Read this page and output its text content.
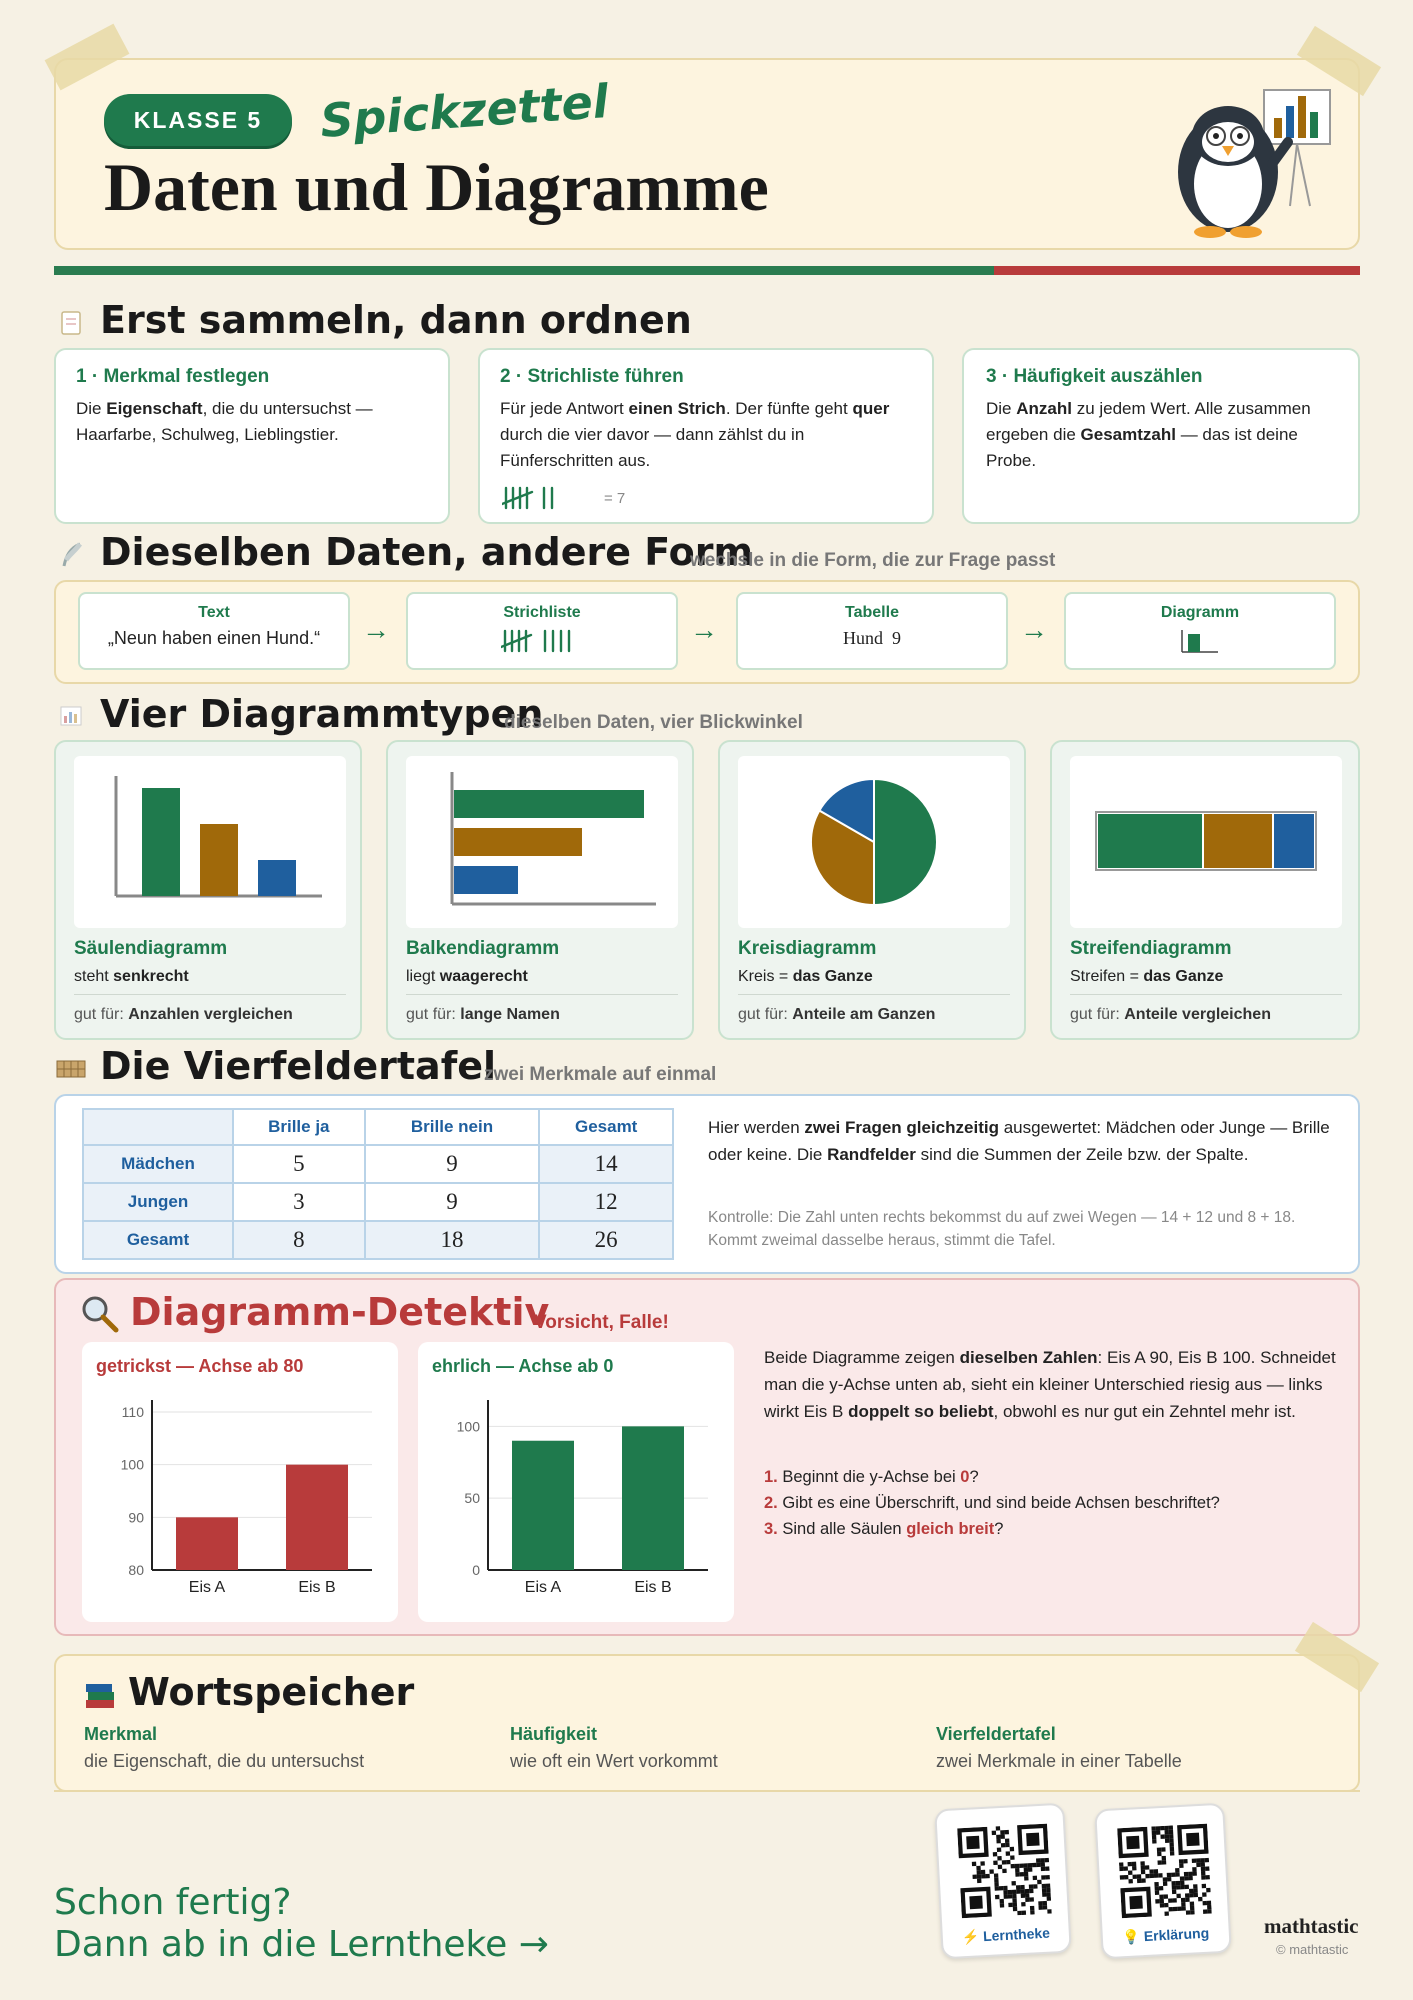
KLASSE 5	Spickzettel
Daten und Diagramme
Erst sammeln, dann ordnen
1 · Merkmal festlegen

Die Eigenschaft, die du untersuchst — Haarfarbe, Schulweg, Lieblingstier.

2 · Strichliste führen

Für jede Antwort einen Strich. Der fünfte geht quer durch die vier davor — dann zählst du in Fünferschritten aus.

= 7
3 · Häufigkeit auszählen

Die Anzahl zu jedem Wert. Alle zusammen ergeben die Gesamtzahl — das ist deine Probe.

Dieselben Daten, andere Form
wechsle in die Form, die zur Frage passt
Text
„Neun haben einen Hund.“	→
Strichliste
→
Tabelle
Hund  9	→
Diagramm
Vier Diagrammtypen
dieselben Daten, vier Blickwinkel
Säulendiagramm
steht senkrecht
gut für: Anzahlen vergleichen
Balkendiagramm
liegt waagerecht
gut für: lange Namen
Kreisdiagramm
Kreis = das Ganze
gut für: Anteile am Ganzen
Streifendiagramm
Streifen = das Ganze
gut für: Anteile vergleichen
Die Vierfeldertafel
zwei Merkmale auf einmal
	Brille ja	Brille nein	Gesamt
Mädchen	5	9	14
Jungen	3	9	12
Gesamt	8	18	26
Hier werden zwei Fragen gleichzeitig ausgewertet: Mädchen oder Junge — Brille oder keine. Die Randfelder sind die Summen der Zeile bzw. der Spalte.
Kontrolle: Die Zahl unten rechts bekommst du auf zwei Wegen — 14 + 12 und 8 + 18. Kommt zweimal dasselbe heraus, stimmt die Tafel.
Diagramm-Detektiv
Vorsicht, Falle!
getrickst — Achse ab 80
80
90
100
110
Eis A	Eis B
ehrlich — Achse ab 0
0
50
100
Eis A	Eis B
Beide Diagramme zeigen dieselben Zahlen: Eis A 90, Eis B 100. Schneidet man die y-Achse unten ab, sieht ein kleiner Unterschied riesig aus — links wirkt Eis B doppelt so beliebt, obwohl es nur gut ein Zehntel mehr ist.
1. Beginnt die y-Achse bei 0?
2. Gibt es eine Überschrift, und sind beide Achsen beschriftet?
3. Sind alle Säulen gleich breit?
Wortspeicher
Merkmal
die Eigenschaft, die du untersuchst
Häufigkeit
wie oft ein Wert vorkommt
Vierfeldertafel
zwei Merkmale in einer Tabelle
Schon fertig?
Dann ab in die Lerntheke →	⚡ Lerntheke	💡 Erklärung	mathtastic
© mathtastic
